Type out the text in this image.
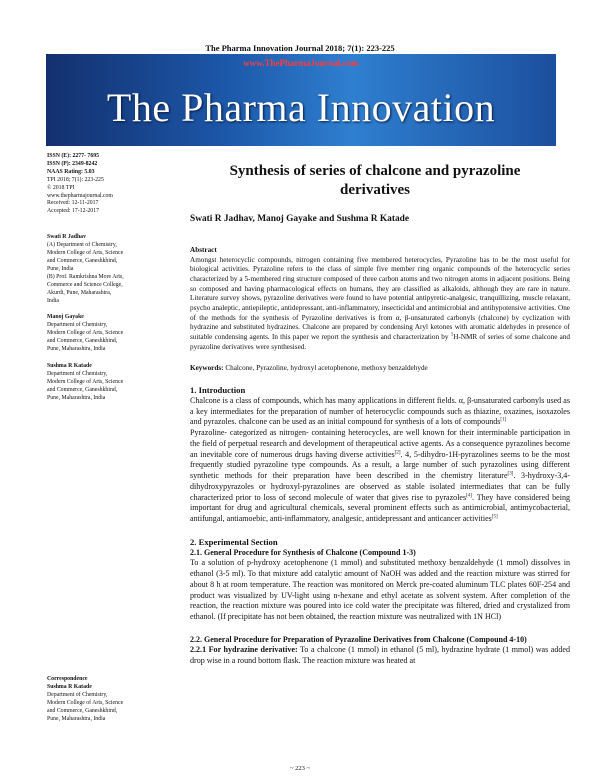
The Pharma Innovation Journal 2018; 7(1): 223-225
www.ThePharmaJournal.com
The Pharma Innovation
ISSN (E): 2277- 7695
ISSN (P): 2349-8242
NAAS Rating: 5.03
TPI 2018; 7(1): 223-225
© 2018 TPI
www.thepharmajournal.com
Received: 12-11-2017
Accepted: 17-12-2017
Swati R Jadhav
(A) Department of Chemistry,
Modern College of Arts, Science
and Commerce, Ganeshkhind,
Pune, India
(B) Prof. Ramkrishna More Arts,
Commerce and Science College,
Akurdi, Pune, Maharashtra,
India
Manoj Gayake
Department of Chemistry,
Modern College of Arts, Science
and Commerce, Ganeshkhind,
Pune, Maharashtra, India
Sushma R Katade
Department of Chemistry,
Modern College of Arts, Science
and Commerce, Ganeshkhind,
Pune, Maharashtra, India
Correspondence
Sushma R Katade
Department of Chemistry,
Modern College of Arts, Science
and Commerce, Ganeshkhind,
Pune, Maharashtra, India
Synthesis of series of chalcone and pyrazoline
derivatives
Swati R Jadhav, Manoj Gayake and Sushma R Katade
Abstract
Amongst heterocyclic compounds, nitrogen containing five membered heterocycles, Pyrazoline has to be the most useful for biological activities. Pyrazoline refers to the class of simple five member ring organic compounds of the heterocyclic series characterized by a 5-membered ring structure composed of three carbon atoms and two nitrogen atoms in adjacent positions. Being so composed and having pharmacological effects on humans, they are classified as alkaloids, although they are rare in nature. Literature survey shows, pyrazoline derivatives were found to have potential antipyretic-analgesic, tranquillizing, muscle relaxant, psycho analeptic, antiepileptic, antidepressant, anti-inflammatory, insecticidal and antimicrobial and antihypotensive activities. One of the methods for the synthesis of Pyrazoline derivatives is from α, β-unsaturated carbonyls (chalcone) by cyclization with hydrazine and substituted hydrazines. Chalcone are prepared by condensing Aryl ketones with aromatic aldehydes in presence of suitable condensing agents. In this paper we report the synthesis and characterization by $^1$H-NMR of series of some chalcone and pyrazoline derivatives were synthesised.
Keywords: Chalcone, Pyrazoline, hydroxyl acetophenone, methoxy benzaldehyde
1. Introduction
Chalcone is a class of compounds, which has many applications in different fields. α, β-unsaturated carbonyls used as a key intermediates for the preparation of number of heterocyclic compounds such as thiazine, oxazines, isoxazoles and pyrazoles. chalcone can be used as an initial compound for synthesis of a lots of compounds[1]
Pyrazoline- categorized as nitrogen- containing heterocycles, are well known for their interminable participation in the field of perpetual research and development of therapeutical active agents. As a consequence pyrazolines become an inevitable core of numerous drugs having diverse activities[2]. 4, 5-dihydro-1H-pyrazolines seems to be the most frequently studied pyrazoline type compounds. As a result, a large number of such pyrazolines using different synthetic methods for their preparation have been described in the chemistry literature[3]. 3-hydroxy-3,4-dihydroxypyrazoles or hydroxyl-pyrazolines are observed as stable isolated intermediates that can be fully characterized prior to loss of second molecule of water that gives rise to pyrazoles[4]. They have considered being important for drug and agricultural chemicals, several prominent effects such as antimicrobial, antimycobacterial, antifungal, antiamoebic, anti-inflammatory, analgesic, antidepressant and anticancer activities[5]
2. Experimental Section
2.1. General Procedure for Synthesis of Chalcone (Compound 1-3)
To a solution of p-hydroxy acetophenone (1 mmol) and substituted methoxy benzaldehyde (1 mmol) dissolves in ethanol (3-5 ml). To that mixture add catalytic amount of NaOH was added and the reaction mixture was stirred for about 8 h at room temperature. The reaction was monitored on Merck pre-coated aluminum TLC plates 60F-254 and product was visualized by UV-light using n-hexane and ethyl acetate as solvent system. After completion of the reaction, the reaction mixture was poured into ice cold water the precipitate was filtered, dried and crystalized from ethanol. (If precipitate has not been obtained, the reaction mixture was neutralized with 1N HCl)
2.2. General Procedure for Preparation of Pyrazoline Derivatives from Chalcone (Compound 4-10)
2.2.1 For hydrazine derivative: To a chalcone (1 mmol) in ethanol (5 ml), hydrazine hydrate (1 mmol) was added drop wise in a round bottom flask. The reaction mixture was heated at
~ 223 ~
